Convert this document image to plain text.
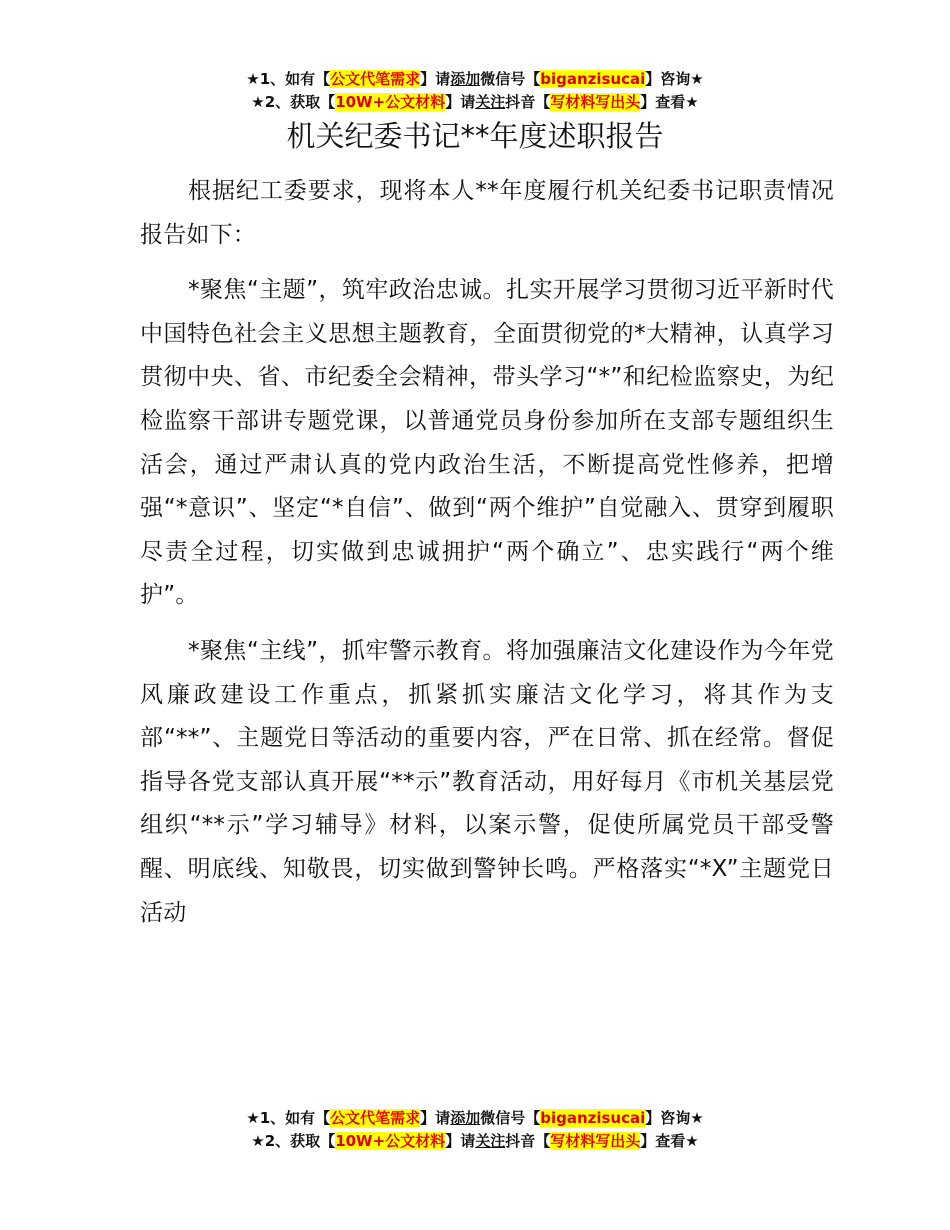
★1、如有【公文代笔需求】请添加微信号【biganzisucai】咨询★
★2、获取【10W+公文材料】请关注抖音【写材料写出头】查看★
机关纪委书记**年度述职报告

根据纪工委要求，现将本人**年度履行机关纪委书记职责情况报告如下：

*聚焦“主题”，筑牢政治忠诚。扎实开展学习贯彻习近平新时代中国特色社会主义思想主题教育，全面贯彻党的*大精神，认真学习贯彻中央、省、市纪委全会精神，带头学习“*”和纪检监察史，为纪检监察干部讲专题党课，以普通党员身份参加所在支部专题组织生活会，通过严肃认真的党内政治生活，不断提高党性修养，把增强“*意识”、坚定“*自信”、做到“两个维护”自觉融入、贯穿到履职尽责全过程，切实做到忠诚拥护“两个确立”、忠实践行“两个维护”。

*聚焦“主线”，抓牢警示教育。将加强廉洁文化建设作为今年党风廉政建设工作重点，抓紧抓实廉洁文化学习，将其作为支部“**”、主题党日等活动的重要内容，严在日常、抓在经常。督促指导各党支部认真开展“**示”教育活动，用好每月《市机关基层党组织“**示”学习辅导》材料，以案示警，促使所属党员干部受警醒、明底线、知敬畏，切实做到警钟长鸣。严格落实“*X”主题党日活动

★1、如有【公文代笔需求】请添加微信号【biganzisucai】咨询★
★2、获取【10W+公文材料】请关注抖音【写材料写出头】查看★
